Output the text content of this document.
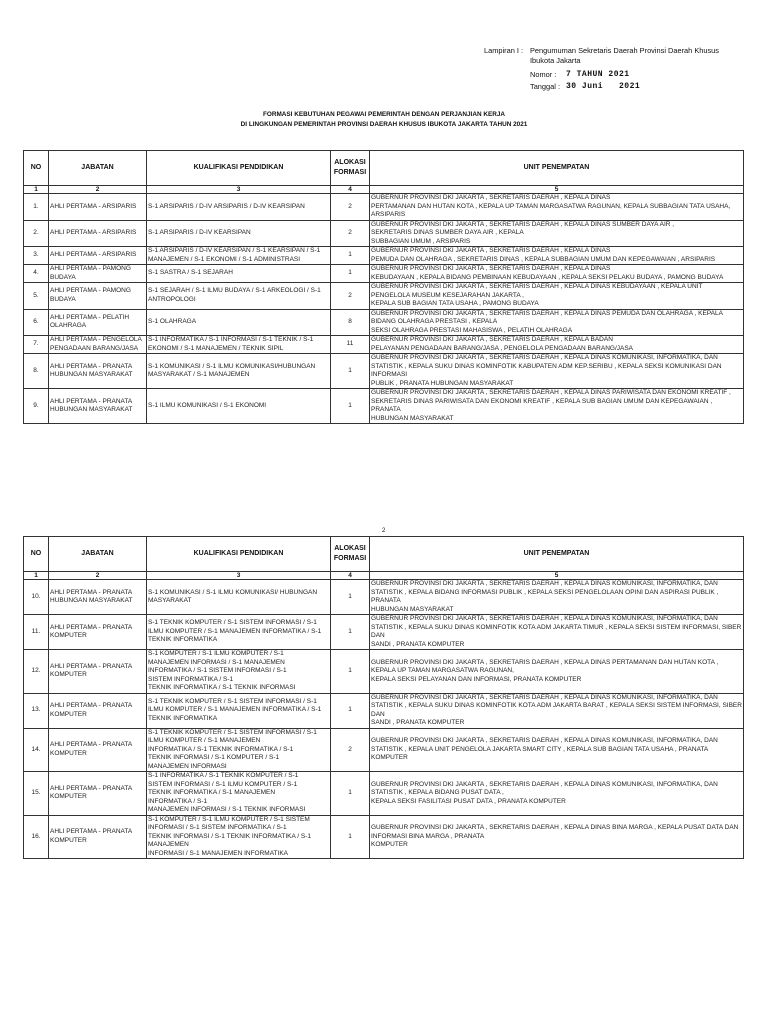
Lampiran I : Pengumuman Sekretaris Daerah Provinsi Daerah Khusus Ibukota Jakarta
Nomor :	7 TAHUN 2021
Tanggal : 30 Juni   2021
FORMASI KEBUTUHAN PEGAWAI PEMERINTAH DENGAN PERJANJIAN KERJA
DI LINGKUNGAN PEMERINTAH PROVINSI DAERAH KHUSUS IBUKOTA JAKARTA TAHUN 2021
NO	JABATAN	KUALIFIKASI PENDIDIKAN	ALOKASI FORMASI	UNIT PENEMPATAN
1	2	3	4	5
1.	AHLI PERTAMA - ARSIPARIS	S-1 ARSIPARIS / D-IV ARSIPARIS / D-IV KEARSIPAN	2	GUBERNUR PROVINSI DKI JAKARTA , SEKRETARIS DAERAH , KEPALA DINAS
PERTAMANAN DAN HUTAN KOTA , KEPALA UP TAMAN MARGASATWA RAGUNAN, KEPALA SUBBAGIAN TATA USAHA, ARSIPARIS
2.	AHLI PERTAMA - ARSIPARIS	S-1 ARSIPARIS / D-IV KEARSIPAN	2	GUBERNUR PROVINSI DKI JAKARTA , SEKRETARIS DAERAH , KEPALA DINAS SUMBER DAYA AIR ,
SEKRETARIS DINAS SUMBER DAYA AIR , KEPALA
SUBBAGIAN UMUM , ARSIPARIS
3.	AHLI PERTAMA - ARSIPARIS	S-1 ARSIPARIS / D-IV KEARSIPAN / S-1 KEARSIPAN / S-1 MANAJEMEN / S-1 EKONOMI / S-1 ADMINISTRASI	1	GUBERNUR PROVINSI DKI JAKARTA , SEKRETARIS DAERAH , KEPALA DINAS
PEMUDA DAN OLAHRAGA , SEKRETARIS DINAS , KEPALA SUBBAGIAN UMUM DAN KEPEGAWAIAN , ARSIPARIS
4.	AHLI PERTAMA - PAMONG BUDAYA	S-1 SASTRA / S-1 SEJARAH	1	GUBERNUR PROVINSI DKI JAKARTA , SEKRETARIS DAERAH , KEPALA DINAS
KEBUDAYAAN , KEPALA BIDANG PEMBINAAN KEBUDAYAAN , KEPALA SEKSI PELAKU BUDAYA , PAMONG BUDAYA
5.	AHLI PERTAMA - PAMONG BUDAYA	S-1 SEJARAH / S-1 ILMU BUDAYA / S-1 ARKEOLOGI / S-1 ANTROPOLOGI	2	GUBERNUR PROVINSI DKI JAKARTA , SEKRETARIS DAERAH , KEPALA DINAS KEBUDAYAAN , KEPALA UNIT PENGELOLA MUSEUM KESEJARAHAN JAKARTA ,
KEPALA SUB BAGIAN TATA USAHA , PAMONG BUDAYA
6.	AHLI PERTAMA - PELATIH OLAHRAGA	S-1 OLAHRAGA	8	GUBERNUR PROVINSI DKI JAKARTA , SEKRETARIS DAERAH , KEPALA DINAS PEMUDA DAN OLAHRAGA , KEPALA BIDANG OLAHRAGA PRESTASI , KEPALA
SEKSI OLAHRAGA PRESTASI MAHASISWA , PELATIH OLAHRAGA
7.	AHLI PERTAMA - PENGELOLA PENGADAAN BARANG/JASA	S-1 INFORMATIKA / S-1 INFORMASI / S-1 TEKNIK / S-1 EKONOMI / S-1 MANAJEMEN / TEKNIK SIPIL	11	GUBERNUR PROVINSI DKI JAKARTA , SEKRETARIS DAERAH , KEPALA BADAN
PELAYANAN PENGADAAN BARANG/JASA , PENGELOLA PENGADAAN BARANG/JASA
8.	AHLI PERTAMA - PRANATA HUBUNGAN MASYARAKAT	S-1 KOMUNIKASI / S-1 ILMU KOMUNIKASI/HUBUNGAN MASYARAKAT / S-1 MANAJEMEN	1	GUBERNUR PROVINSI DKI JAKARTA , SEKRETARIS DAERAH , KEPALA DINAS KOMUNIKASI, INFORMATIKA, DAN STATISTIK , KEPALA SUKU DINAS KOMINFOTIK KABUPATEN ADM KEP.SERIBU , KEPALA SEKSI KOMUNIKASI DAN INFORMASI
PUBLIK , PRANATA HUBUNGAN MASYARAKAT
9.	AHLI PERTAMA - PRANATA HUBUNGAN MASYARAKAT	S-1 ILMU KOMUNIKASI / S-1 EKONOMI	1	GUBERNUR PROVINSI DKI JAKARTA , SEKRETARIS DAERAH , KEPALA DINAS PARIWISATA DAN EKONOMI KREATIF , SEKRETARIS DINAS PARIWISATA DAN EKONOMI KREATIF , KEPALA SUB BAGIAN UMUM DAN KEPEGAWAIAN , PRANATA
HUBUNGAN MASYARAKAT
2
NO	JABATAN	KUALIFIKASI PENDIDIKAN	ALOKASI FORMASI	UNIT PENEMPATAN
1	2	3	4	5
10.	AHLI PERTAMA - PRANATA HUBUNGAN MASYARAKAT	S-1 KOMUNIKASI / S-1 ILMU KOMUNIKASI/ HUBUNGAN MASYARAKAT	1	GUBERNUR PROVINSI DKI JAKARTA , SEKRETARIS DAERAH , KEPALA DINAS KOMUNIKASI, INFORMATIKA, DAN STATISTIK , KEPALA BIDANG INFORMASI PUBLIK , KEPALA SEKSI PENGELOLAAN OPINI DAN ASPIRASI PUBLIK , PRANATA
HUBUNGAN MASYARAKAT
11.	AHLI PERTAMA - PRANATA KOMPUTER	S-1 TEKNIK KOMPUTER / S-1 SISTEM INFORMASI / S-1 ILMU KOMPUTER / S-1 MANAJEMEN INFORMATIKA / S-1 TEKNIK INFORMATIKA	1	GUBERNUR PROVINSI DKI JAKARTA , SEKRETARIS DAERAH , KEPALA DINAS KOMUNIKASI, INFORMATIKA, DAN STATISTIK , KEPALA SUKU DINAS KOMINFOTIK KOTA ADM JAKARTA TIMUR , KEPALA SEKSI SISTEM INFORMASI, SIBER DAN
SANDI , PRANATA KOMPUTER
12.	AHLI PERTAMA - PRANATA KOMPUTER	S-1 KOMPUTER / S-1 ILMU KOMPUTER / S-1
MANAJEMEN INFORMASI / S-1 MANAJEMEN
INFORMATIKA / S-1 SISTEM INFORMASI / S-1
SISTEM INFORMATIKA / S-1
TEKNIK INFORMATIKA / S-1 TEKNIK INFORMASI	1	GUBERNUR PROVINSI DKI JAKARTA , SEKRETARIS DAERAH , KEPALA DINAS PERTAMANAN DAN HUTAN KOTA , KEPALA UP TAMAN MARGASATWA RAGUNAN,
KEPALA SEKSI PELAYANAN DAN INFORMASI, PRANATA KOMPUTER
13.	AHLI PERTAMA - PRANATA KOMPUTER	S-1 TEKNIK KOMPUTER / S-1 SISTEM INFORMASI / S-1 ILMU KOMPUTER / S-1 MANAJEMEN INFORMATIKA / S-1 TEKNIK INFORMATIKA	1	GUBERNUR PROVINSI DKI JAKARTA , SEKRETARIS DAERAH , KEPALA DINAS KOMUNIKASI, INFORMATIKA, DAN STATISTIK , KEPALA SUKU DINAS KOMINFOTIK KOTA ADM JAKARTA BARAT , KEPALA SEKSI SISTEM INFORMASI, SIBER DAN
SANDI , PRANATA KOMPUTER
14.	AHLI PERTAMA - PRANATA KOMPUTER	S-1 TEKNIK KOMPUTER / S-1 SISTEM INFORMASI / S-1 ILMU KOMPUTER / S-1 MANAJEMEN
INFORMATIKA / S-1 TEKNIK INFORMATIKA / S-1
TEKNIK INFORMASI / S-1 KOMPUTER / S-1
MANAJEMEN INFORMASI	2	GUBERNUR PROVINSI DKI JAKARTA , SEKRETARIS DAERAH , KEPALA DINAS KOMUNIKASI, INFORMATIKA, DAN STATISTIK , KEPALA UNIT PENGELOLA JAKARTA SMART CITY , KEPALA SUB BAGIAN TATA USAHA , PRANATA
KOMPUTER
15.	AHLI PERTAMA - PRANATA KOMPUTER	S-1 INFORMATIKA / S-1 TEKNIK KOMPUTER / S-1
SISTEM INFORMASI / S-1 ILMU KOMPUTER / S-1
TEKNIK INFORMATIKA / S-1 MANAJEMEN
INFORMATIKA / S-1
MANAJEMEN INFORMASI / S-1 TEKNIK INFORMASI	1	GUBERNUR PROVINSI DKI JAKARTA , SEKRETARIS DAERAH , KEPALA DINAS KOMUNIKASI, INFORMATIKA, DAN STATISTIK , KEPALA BIDANG PUSAT DATA ,
KEPALA SEKSI FASILITASI PUSAT DATA , PRANATA KOMPUTER
16.	AHLI PERTAMA - PRANATA KOMPUTER	S-1 KOMPUTER / S-1 ILMU KOMPUTER / S-1 SISTEM
INFORMASI / S-1 SISTEM INFORMATIKA / S-1
TEKNIK INFORMASI / S-1 TEKNIK INFORMATIKA / S-1
MANAJEMEN
INFORMASI / S-1 MANAJEMEN INFORMATIKA	1	GUBERNUR PROVINSI DKI JAKARTA , SEKRETARIS DAERAH , KEPALA DINAS BINA MARGA , KEPALA PUSAT DATA DAN INFORMASI BINA MARGA , PRANATA
KOMPUTER
